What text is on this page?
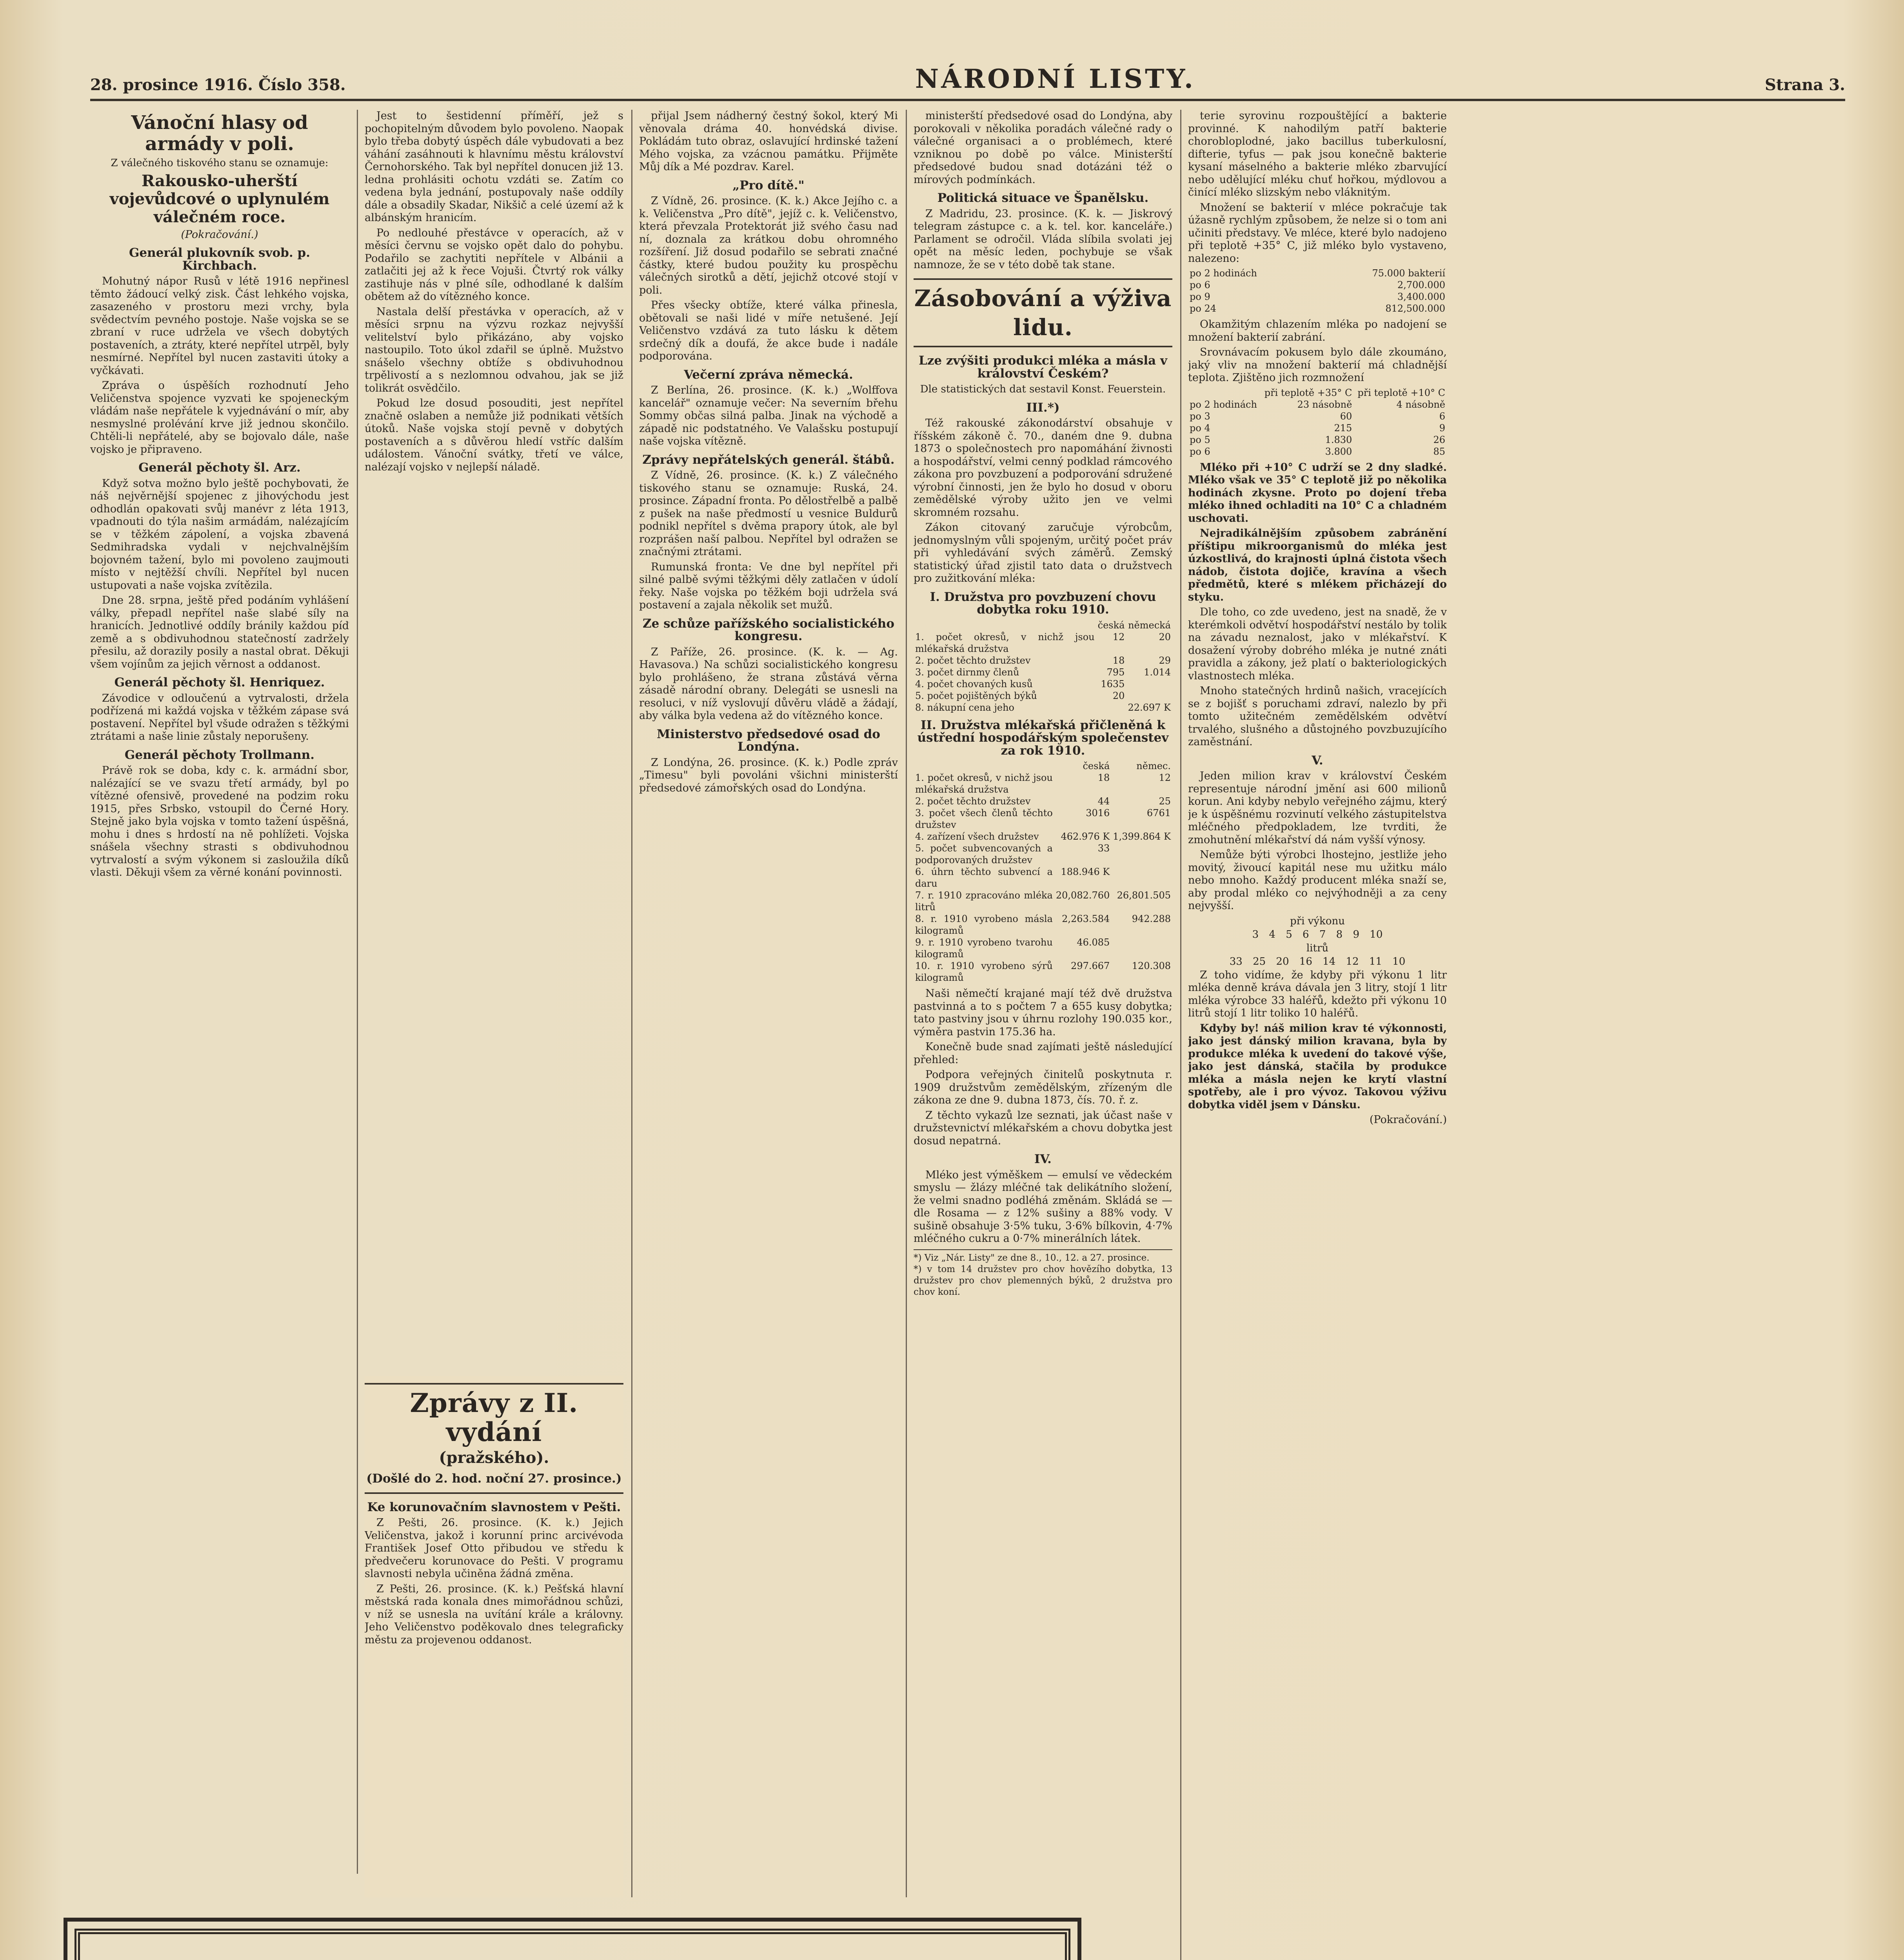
28. prosince 1916. Číslo 358.	NÁRODNÍ LISTY.	Strana 3.
Vánoční hlasy od armády v poli.
Z válečného tiskového stanu se oznamuje:
Rakousko-uherští vojevůdcové o uplynulém válečném roce.
(Pokračování.)
Generál plukovník svob. p. Kirchbach.

Mohutný nápor Rusů v létě 1916 nepřinesl těmto žádoucí velký zisk. Část lehkého vojska, zasazeného v prostoru mezi vrchy, byla svědectvím pevného postoje. Naše vojska se se zbraní v ruce udržela ve všech dobytých postaveních, a ztráty, které nepřítel utrpěl, byly nesmírné. Nepřítel byl nucen zastaviti útoky a vyčkávati.

Zpráva o úspěších rozhodnutí Jeho Veličenstva spojence vyzvati ke spojeneckým vládám naše nepřátele k vyjednávání o mír, aby nesmyslné prolévání krve již jednou skončilo. Chtěli-li nepřátelé, aby se bojovalo dále, naše vojsko je připraveno.

Generál pěchoty šl. Arz.

Když sotva možno bylo ještě pochybovati, že náš nejvěrnější spojenec z jihovýchodu jest odhodlán opakovati svůj manévr z léta 1913, vpadnouti do týla našim armádám, nalézajícím se v těžkém zápolení, a vojska zbavená Sedmihradska vydali v nejchvalnějším bojovném tažení, bylo mi povoleno zaujmouti místo v nejtěžší chvíli. Nepřítel byl nucen ustupovati a naše vojska zvítězila.

Dne 28. srpna, ještě před podáním vyhlášení války, přepadl nepřítel naše slabé síly na hranicích. Jednotlivé oddíly bránily každou píď země a s obdivuhodnou statečností zadržely přesilu, až dorazily posily a nastal obrat. Děkuji všem vojínům za jejich věrnost a oddanost.

Generál pěchoty šl. Henriquez.

Závodice v odloučenú a vytrvalosti, držela podřízená mi každá vojska v těžkém zápase svá postavení. Nepřítel byl všude odražen s těžkými ztrátami a naše linie zůstaly neporušeny.

Generál pěchoty Trollmann.

Právě rok se doba, kdy c. k. armádní sbor, nalézající se ve svazu třetí armády, byl po vítězné ofensivě, provedené na podzim roku 1915, přes Srbsko, vstoupil do Černé Hory. Stejně jako byla vojska v tomto tažení úspěšná, mohu i dnes s hrdostí na ně pohlížeti. Vojska snášela všechny strasti s obdivuhodnou vytrvalostí a svým výkonem si zasloužila díků vlasti. Děkuji všem za věrné konání povinnosti.

Jest to šestidenní příměří, jež s pochopitelným důvodem bylo povoleno. Naopak bylo třeba dobytý úspěch dále vybudovati a bez váhání zasáhnouti k hlavnímu městu království Černohorského. Tak byl nepřítel donucen již 13. ledna prohlásiti ochotu vzdáti se. Zatím co vedena byla jednání, postupovaly naše oddíly dále a obsadily Skadar, Nikšič a celé území až k albánským hranicím.

Po nedlouhé přestávce v operacích, až v měsíci červnu se vojsko opět dalo do pohybu. Podařilo se zachytiti nepřítele v Albánii a zatlačiti jej až k řece Vojuši. Čtvrtý rok války zastihuje nás v plné síle, odhodlané k dalším obětem až do vítězného konce.

Nastala delší přestávka v operacích, až v měsíci srpnu na výzvu rozkaz nejvyšší velitelství bylo přikázáno, aby vojsko nastoupilo. Toto úkol zdařil se úplně. Mužstvo snášelo všechny obtíže s obdivuhodnou trpělivostí a s nezlomnou odvahou, jak se již tolikrát osvědčilo.

Pokud lze dosud posouditi, jest nepřítel značně oslaben a nemůže již podnikati větších útoků. Naše vojska stojí pevně v dobytých postaveních a s důvěrou hledí vstříc dalším událostem. Vánoční svátky, třetí ve válce, nalézají vojsko v nejlepší náladě.

Zprávy z II. vydání
(pražského).
(Došlé do 2. hod. noční 27. prosince.)
Ke korunovačním slavnostem v Pešti.

Z Pešti, 26. prosince. (K. k.) Jejich Veličenstva, jakož i korunní princ arcivévoda František Josef Otto přibudou ve středu k předvečeru korunovace do Pešti. V programu slavnosti nebyla učiněna žádná změna.

Z Pešti, 26. prosince. (K. k.) Pešťská hlavní městská rada konala dnes mimořádnou schůzi, v níž se usnesla na uvítání krále a královny. Jeho Veličenstvo poděkovalo dnes telegraficky městu za projevenou oddanost.

přijal Jsem nádherný čestný šokol, který Mi věnovala dráma 40. honvédská divise. Pokládám tuto obraz, oslavující hrdinské tažení Mého vojska, za vzácnou památku. Přijměte Můj dík a Mé pozdrav. Karel.

„Pro dítě."

Z Vídně, 26. prosince. (K. k.) Akce Jejího c. a k. Veličenstva „Pro dítě", jejíž c. k. Veličenstvo, která převzala Protektorát již svého času nad ní, doznala za krátkou dobu ohromného rozšíření. Již dosud podařilo se sebrati značné částky, které budou použity ku prospěchu válečných sirotků a dětí, jejichž otcové stojí v poli.

Přes všecky obtíže, které válka přinesla, obětovali se naši lidé v míře netušené. Její Veličenstvo vzdává za tuto lásku k dětem srdečný dík a doufá, že akce bude i nadále podporována.

Večerní zpráva německá.

Z Berlína, 26. prosince. (K. k.) „Wolffova kancelář" oznamuje večer: Na severním břehu Sommy občas silná palba. Jinak na východě a západě nic podstatného. Ve Valašsku postupují naše vojska vítězně.

Zprávy nepřátelských generál. štábů.

Z Vídně, 26. prosince. (K. k.) Z válečného tiskového stanu se oznamuje: Ruská, 24. prosince. Západní fronta. Po dělostřelbě a palbě z pušek na naše předmostí u vesnice Buldurů podnikl nepřítel s dvěma prapory útok, ale byl rozprášen naší palbou. Nepřítel byl odražen se značnými ztrátami.

Rumunská fronta: Ve dne byl nepřítel při silné palbě svými těžkými děly zatlačen v údolí řeky. Naše vojska po těžkém boji udržela svá postavení a zajala několik set mužů.

Ze schůze pařížského socialistického kongresu.

Z Paříže, 26. prosince. (K. k. — Ag. Havasova.) Na schůzi socialistického kongresu bylo prohlášeno, že strana zůstává věrna zásadě národní obrany. Delegáti se usnesli na resoluci, v níž vyslovují důvěru vládě a žádají, aby válka byla vedena až do vítězného konce.

Ministerstvo předsedové osad do Londýna.

Z Londýna, 26. prosince. (K. k.) Podle zpráv „Timesu" byli povoláni všichni ministerští předsedové zámořských osad do Londýna.

ministerští předsedové osad do Londýna, aby porokovali v několika poradách válečné rady o válečné organisaci a o problémech, které vzniknou po době po válce. Ministerští předsedové budou snad dotázáni též o mírových podmínkách.

Politická situace ve Španělsku.

Z Madridu, 23. prosince. (K. k. — Jiskrový telegram zástupce c. a k. tel. kor. kanceláře.) Parlament se odročil. Vláda slíbila svolati jej opět na měsíc leden, pochybuje se však namnoze, že se v této době tak stane.

Zásobování a výživa lidu.
Lze zvýšiti produkci mléka a másla v království Českém?
Dle statistických dat sestavil Konst. Feuerstein.
III.*)

Též rakouské zákonodárství obsahuje v říšském zákoně č. 70., daném dne 9. dubna 1873 o společnostech pro napomáhání živnosti a hospodářství, velmi cenný podklad rámcového zákona pro povzbuzení a podporování sdružené výrobní činnosti, jen že bylo ho dosud v oboru zemědělské výroby užito jen ve velmi skromném rozsahu.

Zákon citovaný zaručuje výrobcům, jednomyslným vůli spojeným, určitý počet práv při vyhledávání svých záměrů. Zemský statistický úřad zjistil tato data o družstvech pro zužitkování mléka:

I. Družstva pro povzbuzení chovu dobytka roku 1910.
	česká	německá
1. počet okresů, v nichž jsou mlékařská družstva	12	20
2. počet těchto družstev	18	29
3. počet dirnmy členů	795	1.014
4. počet chovaných kusů	1635	
5. počet pojištěných býků	20	
8. nákupní cena jeho		22.697 K
II. Družstva mlékařská přičleněná k ústřední hospodářským společenstev za rok 1910.
	česká	němec.
1. počet okresů, v nichž jsou mlékařská družstva	18	12
2. počet těchto družstev	44	25
3. počet všech členů těchto družstev	3016	6761
4. zařízení všech družstev	462.976 K	1,399.864 K
5. počet subvencovaných a podporovaných družstev	33	
6. úhrn těchto subvencí a daru	188.946 K	
7. r. 1910 zpracováno mléka litrů	20,082.760	26,801.505
8. r. 1910 vyrobeno másla kilogramů	2,263.584	942.288
9. r. 1910 vyrobeno tvarohu kilogramů	46.085	
10. r. 1910 vyrobeno sýrů kilogramů	297.667	120.308

Naši němečtí krajané mají též dvě družstva pastvinná a to s počtem 7 a 655 kusy dobytka; tato pastviny jsou v úhrnu rozlohy 190.035 kor., výměra pastvin 175.36 ha.

Konečně bude snad zajímati ještě následující přehled:

Podpora veřejných činitelů poskytnuta r. 1909 družstvům zemědělským, zřízeným dle zákona ze dne 9. dubna 1873, čís. 70. ř. z.

Z těchto vykazů lze seznati, jak účast naše v družstevnictví mlékařském a chovu dobytka jest dosud nepatrná.

IV.

Mléko jest výměškem — emulsí ve vědeckém smyslu — žlázy mléčné tak delikátního složení, že velmi snadno podléhá změnám. Skládá se — dle Rosama — z 12% sušiny a 88% vody. V sušině obsahuje 3·5% tuku, 3·6% bílkovin, 4·7% mléčného cukru a 0·7% minerálních látek.

*) Viz „Nár. Listy" ze dne 8., 10., 12. a 27. prosince.
*) v tom 14 družstev pro chov hovězího dobytka, 13 družstev pro chov plemenných býků, 2 družstva pro chov koní.

terie syrovinu rozpouštějící a bakterie provinné. K nahodilým patří bakterie chorobloplodné, jako bacillus tuberkulosní, difterie, tyfus — pak jsou konečně bakterie kysaní máselného a bakterie mléko zbarvující nebo udělující mléku chuť hořkou, mýdlovou a činící mléko slizským nebo vláknitým.

Množení se bakterií v mléce pokračuje tak úžasně rychlým způsobem, že nelze si o tom ani učiniti představy. Ve mléce, které bylo nadojeno při teplotě +35° C, již mléko bylo vystaveno, nalezeno:

po 2 hodinách	75.000 bakterií
po 6	2,700.000
po 9	3,400.000
po 24	812,500.000

Okamžitým chlazením mléka po nadojení se množení bakterií zabrání.

Srovnávacím pokusem bylo dále zkoumáno, jaký vliv na množení bakterií má chladnější teplota. Zjištěno jich rozmnožení

	při teplotě +35° C	při teplotě +10° C
po 2 hodinách	23 násobně	4 násobně
po 3	60	6
po 4	215	9
po 5	1.830	26
po 6	3.800	85

Mléko při +10° C udrží se 2 dny sladké. Mléko však ve 35° C teplotě již po několika hodinách zkysne. Proto po dojení třeba mléko ihned ochladiti na 10° C a chladném uschovati.

Nejradikálnějším způsobem zabránění příštipu mikroorganismů do mléka jest úzkostlivá, do krajnosti úplná čistota všech nádob, čistota dojiče, kravína a všech předmětů, které s mlékem přicházejí do styku.

Dle toho, co zde uvedeno, jest na snadě, že v kterémkoli odvětví hospodářství nestálo by tolik na závadu neznalost, jako v mlékařství. K dosažení výroby dobrého mléka je nutné znáti pravidla a zákony, jež platí o bakteriologických vlastnostech mléka.

Mnoho statečných hrdinů našich, vracejících se z bojišť s poruchami zdraví, nalezlo by při tomto užitečném zemědělském odvětví trvalého, slušného a důstojného povzbuzujícího zaměstnání.

V.

Jeden milion krav v království Českém representuje národní jmění asi 600 milionů korun. Ani kdyby nebylo veřejného zájmu, který je k úspěšnému rozvinutí velkého zástupitelstva mléčného předpokladem, lze tvrditi, že zmohutnění mlékařství dá nám vyšší výnosy.

Nemůže býti výrobci lhostejno, jestliže jeho movitý, živoucí kapitál nese mu užitku málo nebo mnoho. Každý producent mléka snaží se, aby prodal mléko co nejvýhodněji a za ceny nejvyšší.

při výkonu
3 4 5 6 7 8 9 10
litrů
33 25 20 16 14 12 11 10

Z toho vidíme, že kdyby při výkonu 1 litr mléka denně kráva dávala jen 3 litry, stojí 1 litr mléka výrobce 33 haléřů, kdežto při výkonu 10 litrů stojí 1 litr toliko 10 haléřů.

Kdyby by! náš milion krav té výkonnosti, jako jest dánský milion kravana, byla by produkce mléka k uvedení do takové výše, jako jest dánská, stačila by produkce mléka a másla nejen ke krytí vlastní spotřeby, ale i pro vývoz. Takovou výživu dobytka viděl jsem v Dánsku.

(Pokračování.)
